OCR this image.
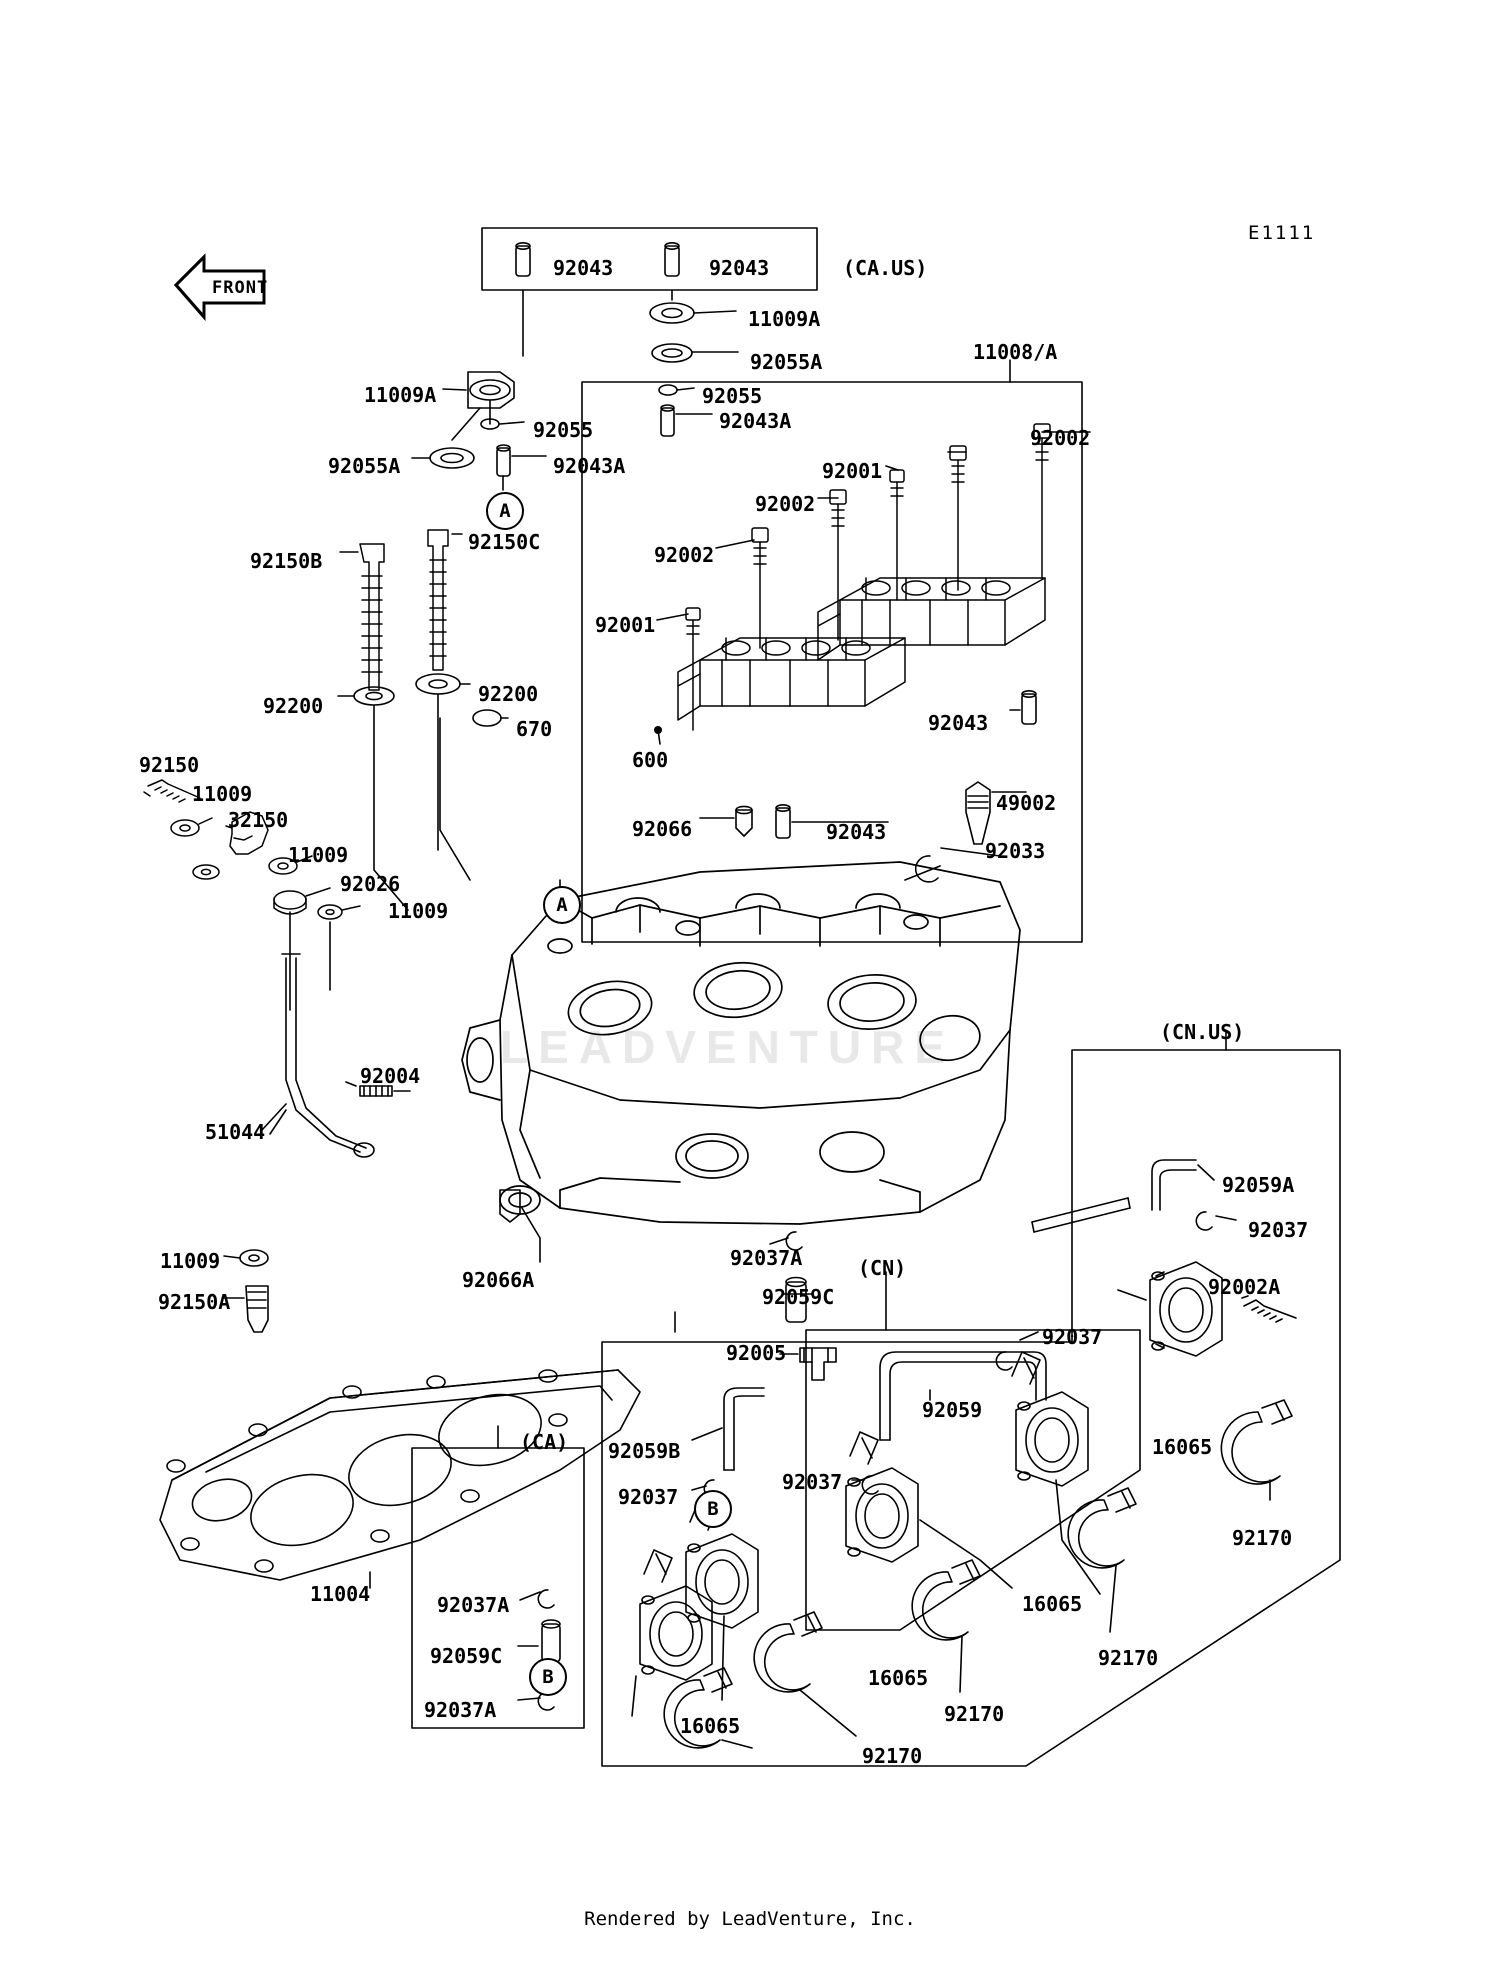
E1111
LEADVENTURE
FRONT
A
A
B
B
92043	92043	(CA.US)
11009A
92055A
92055
11008/A
11009A
92043A
92055	92002
92055A	92043A	92001
92002
92150C
92002
92150B
92001
92200
92200
92043
670
92150	600
11009	49002
32150	92066	92043
92033
11009
92026
11009
(CN.US)
92004
51044
92059A
92037
11009
92066A
92037A
92059C
(CN)
92002A
92150A
92037
92005
92059
16065
(CA) 92059B
92037
92037
92170
11004	92037A	16065
92170
92059C
16065
92037A	92170
16065
92170
Rendered by LeadVenture, Inc.
